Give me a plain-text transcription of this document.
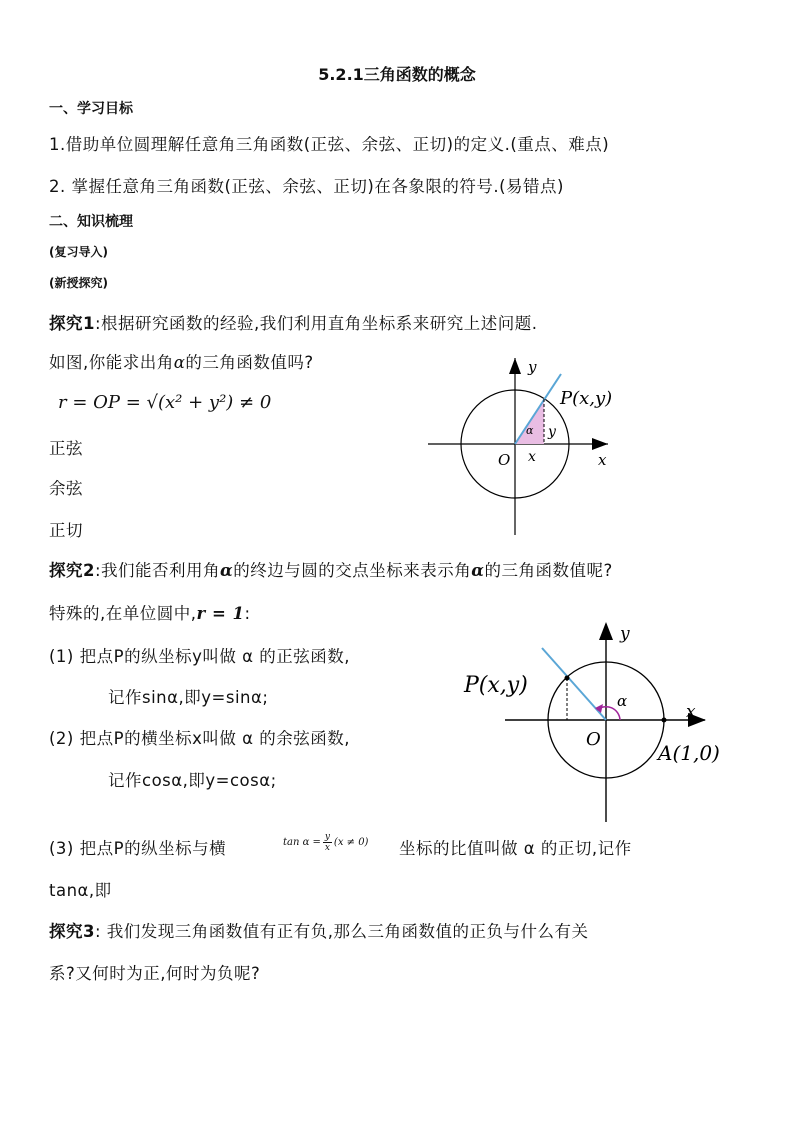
5.2.1三角函数的概念
一、学习目标
1.借助单位圆理解任意角三角函数(正弦、余弦、正切)的定义.(重点、难点)
2. 掌握任意角三角函数(正弦、余弦、正切)在各象限的符号.(易错点)
二、知识梳理
(复习导入)
(新授探究)
探究1:根据研究函数的经验,我们利用直角坐标系来研究上述问题.
如图,你能求出角α的三角函数值吗?
r = OP = √(x² + y²) ≠ 0
正弦
余弦
正切
y
x
O
P(x,y)
α y
x
探究2:我们能否利用角α的终边与圆的交点坐标来表示角α的三角函数值呢?
特殊的,在单位圆中,r = 1:
(1) 把点P的纵坐标y叫做 α 的正弦函数,
记作sinα,即y=sinα;
(2) 把点P的横坐标x叫做 α 的余弦函数,
记作cosα,即y=cosα;
y
x
O
P(x,y)
A(1,0)
α
(3) 把点P的纵坐标与横	$\tan \alpha = \frac{y}{x} (x \ne 0)$ 坐标的比值叫做 α 的正切,记作
tanα,即
探究3: 我们发现三角函数值有正有负,那么三角函数值的正负与什么有关
系?又何时为正,何时为负呢?
